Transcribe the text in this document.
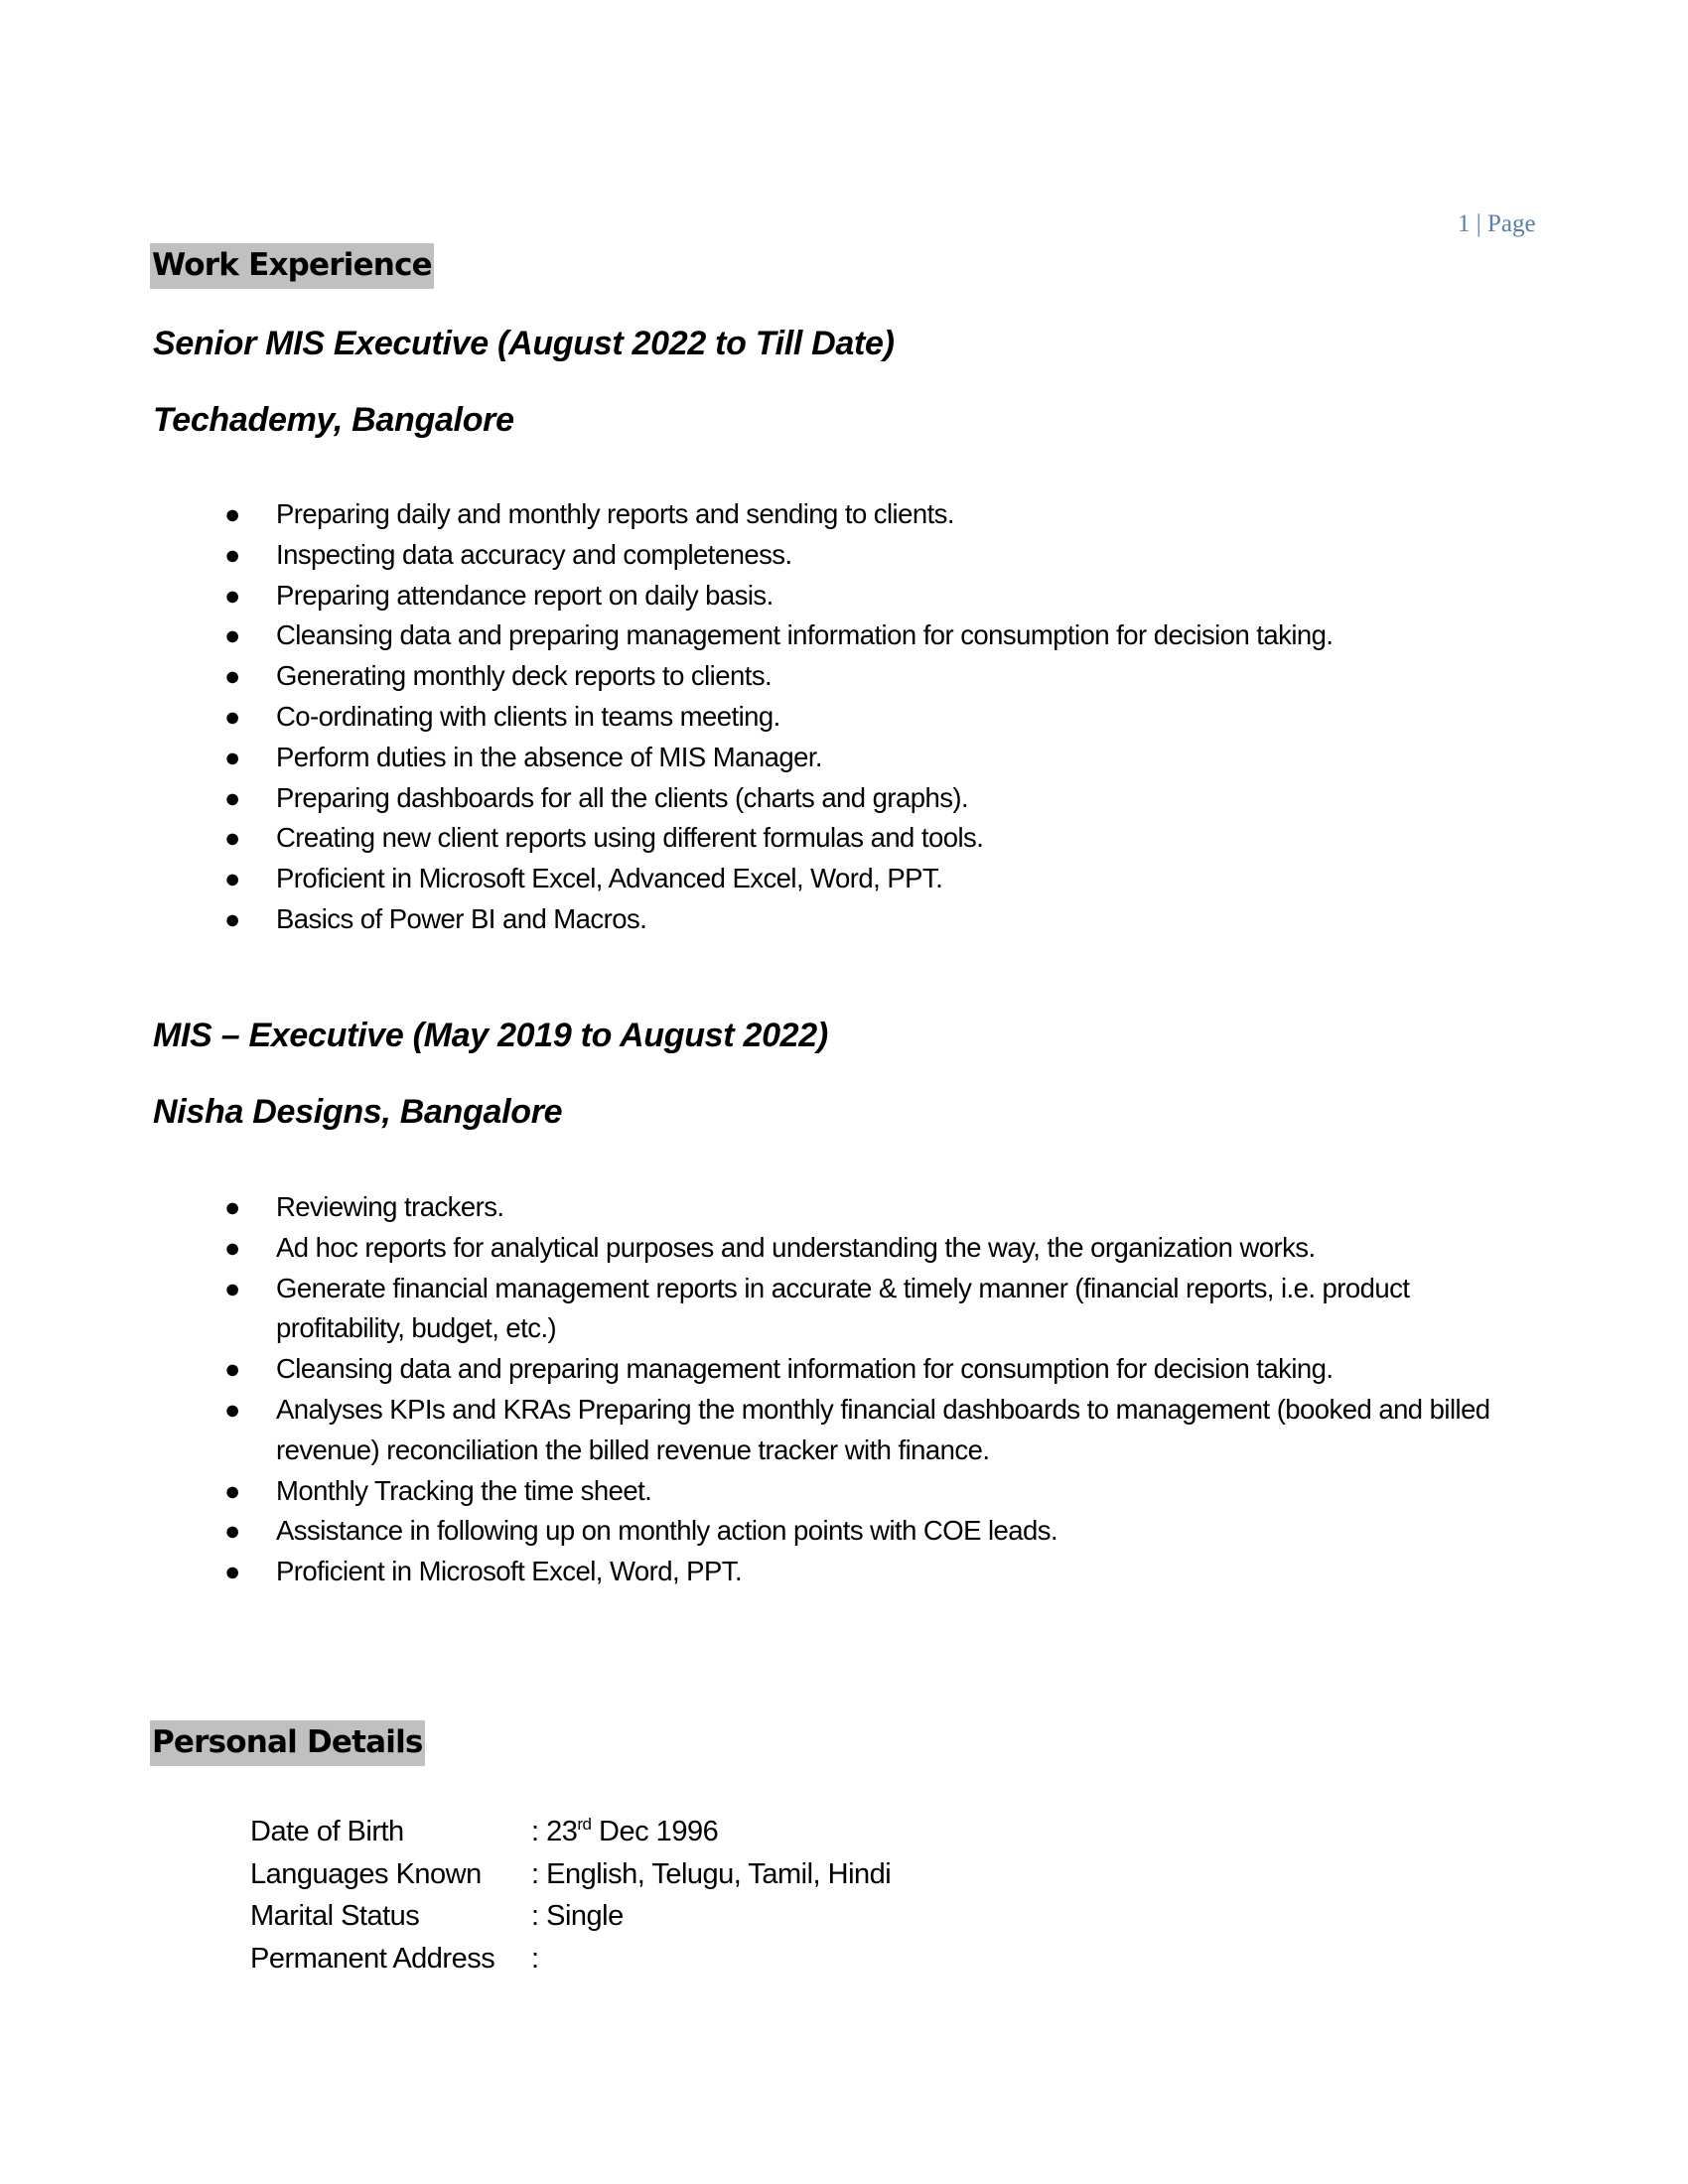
1 | Page
Work Experience
Senior MIS Executive (August 2022 to Till Date)
Techademy, Bangalore
● Preparing daily and monthly reports and sending to clients.
● Inspecting data accuracy and completeness.
● Preparing attendance report on daily basis.
● Cleansing data and preparing management information for consumption for decision taking.
● Generating monthly deck reports to clients.
● Co-ordinating with clients in teams meeting.
● Perform duties in the absence of MIS Manager.
● Preparing dashboards for all the clients (charts and graphs).
● Creating new client reports using different formulas and tools.
● Proficient in Microsoft Excel, Advanced Excel, Word, PPT.
● Basics of Power BI and Macros.
MIS – Executive (May 2019 to August 2022)
Nisha Designs, Bangalore
● Reviewing trackers.
● Ad hoc reports for analytical purposes and understanding the way, the organization works.
● Generate financial management reports in accurate & timely manner (financial reports, i.e. product profitability, budget, etc.)
● Cleansing data and preparing management information for consumption for decision taking.
● Analyses KPIs and KRAs Preparing the monthly financial dashboards to management (booked and billed revenue) reconciliation the billed revenue tracker with finance.
● Monthly Tracking the time sheet.
● Assistance in following up on monthly action points with COE leads.
● Proficient in Microsoft Excel, Word, PPT.
Personal Details
Date of Birth	: 23rd Dec 1996
Languages Known	: English, Telugu, Tamil, Hindi
Marital Status	: Single
Permanent Address	:
